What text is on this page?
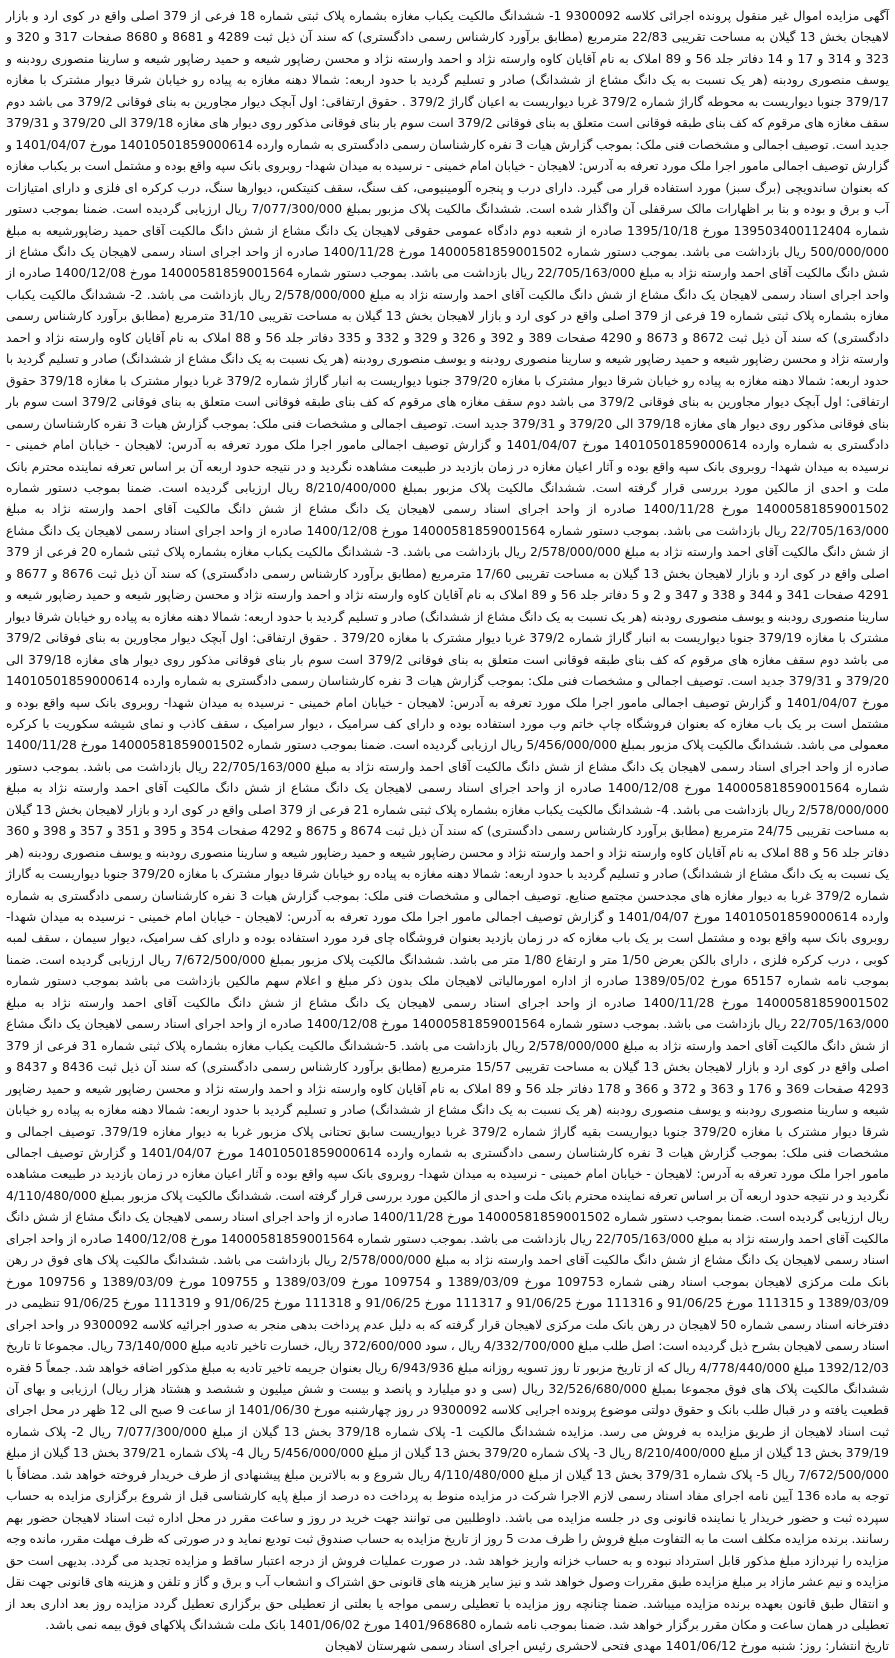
آگهی مزایده اموال غیر منقول پرونده اجرائی کلاسه 9300092 1- ششدانگ مالکیت یکباب مغازه بشماره پلاک ثبتی شماره 18 فرعی از 379 اصلی واقع در کوی ارد و بازار لاهیجان بخش 13 گیلان به مساحت تقریبی 22/83 مترمربع (مطابق برآورد کارشناس رسمی دادگستری) که سند آن ذیل ثبت 4289 و 8681 و 8680 صفحات 317 و 320 و 323 و 314 و 17 و 14 دفاتر جلد 56 و 89 املاک به نام آقایان کاوه وارسته نژاد و احمد وارسته نژاد و محسن رضاپور شیعه و حمید رضاپور شیعه و سارینا منصوری رودبنه و یوسف منصوری رودبنه (هر یک نسبت به یک دانگ مشاع از ششدانگ) صادر و تسلیم گردید با حدود اربعه: شمالا دهنه مغازه به پیاده رو خیابان شرقا دیوار مشترک با مغازه 379/17 جنوبا دیواریست به محوطه گاراژ شماره 379/2 غربا دیواریست به اعیان گاراژ 379/2 . حقوق ارتفاقی: اول آبچک دیوار مجاورین به بنای فوقانی 379/2 می باشد دوم سقف مغازه های مرقوم که کف بنای طبقه فوقانی است متعلق به بنای فوقانی 379/2 است سوم بار بنای فوقانی مذکور روی دیوار های مغازه 379/18 الی 379/20 و 379/31 جدید است. توصیف اجمالی و مشخصات فنی ملک: بموجب گزارش هیات 3 نفره کارشناسان رسمی دادگستری به شماره وارده 14010501859000614 مورخ 1401/04/07 و گزارش توصیف اجمالی مامور اجرا ملک مورد تعرفه به آدرس: لاهیجان - خیابان امام خمینی - نرسیده به میدان شهدا- روبروی بانک سپه واقع بوده و مشتمل است بر یکباب مغازه که بعنوان ساندویچی (برگ سبز) مورد استفاده قرار می گیرد. دارای درب و پنجره آلومینیومی، کف سنگ، سقف کنیتکس، دیوارها سنگ، درب کرکره ای فلزی و دارای امتیازات آب و برق و بوده و بنا بر اظهارات مالک سرقفلی آن واگذار شده است. ششدانگ مالکیت پلاک مزبور بمبلغ 7/077/300/000 ریال ارزیابی گردیده است. ضمنا بموجب دستور شماره 139503400112404 مورخ 1395/10/18 صادره از شعبه دوم دادگاه عمومی حقوقی لاهیجان یک دانگ مشاع از شش دانگ مالکیت آقای حمید رضاپورشیعه به مبلغ 500/000/000 ریال بازداشت می باشد. بموجب دستور شماره 14000581859001502 مورخ 1400/11/28 صادره از واحد اجرای اسناد رسمی لاهیجان یک دانگ مشاع از شش دانگ مالکیت آقای احمد وارسته نژاد به مبلغ 22/705/163/000 ریال بازداشت می باشد. بموجب دستور شماره 14000581859001564 مورخ 1400/12/08 صادره از واحد اجرای اسناد رسمی لاهیجان یک دانگ مشاع از شش دانگ مالکیت آقای احمد وارسته نژاد به مبلغ 2/578/000/000 ریال بازداشت می باشد. 2- ششدانگ مالکیت یکباب مغازه بشماره پلاک ثبتی شماره 19 فرعی از 379 اصلی واقع در کوی ارد و بازار لاهیجان بخش 13 گیلان به مساحت تقریبی 31/10 مترمربع (مطابق برآورد کارشناس رسمی دادگستری) که سند آن ذیل ثبت 8672 و 8673 و 4290 صفحات 389 و 392 و 326 و 329 و 332 و 335 دفاتر جلد 56 و 88 املاک به نام آقایان کاوه وارسته نژاد و احمد وارسته نژاد و محسن رضاپور شیعه و حمید رضاپور شیعه و سارینا منصوری رودبنه و یوسف منصوری رودبنه (هر یک نسبت به یک دانگ مشاع از ششدانگ) صادر و تسلیم گردید با حدود اربعه: شمالا دهنه مغازه به پیاده رو خیابان شرقا دیوار مشترک با مغازه 379/20 جنوبا دیواریست به انبار گاراژ شماره 379/2 غربا دیوار مشترک با مغازه 379/18 حقوق ارتفاقی: اول آبچک دیوار مجاورین به بنای فوقانی 379/2 می باشد دوم سقف مغازه های مرقوم که کف بنای طبقه فوقانی است متعلق به بنای فوقانی 379/2 است سوم بار بنای فوقانی مذکور روی دیوار های مغازه 379/18 الی 379/20 و 379/31 جدید است. توصیف اجمالی و مشخصات فنی ملک: بموجب گزارش هیات 3 نفره کارشناسان رسمی دادگستری به شماره وارده 14010501859000614 مورخ 1401/04/07 و گزارش توصیف اجمالی مامور اجرا ملک مورد تعرفه به آدرس: لاهیجان - خیابان امام خمینی - نرسیده به میدان شهدا- روبروی بانک سپه واقع بوده و آثار اعیان مغازه در زمان بازدید در طبیعت مشاهده نگردید و در نتیجه حدود اربعه آن بر اساس تعرفه نماینده محترم بانک ملت و احدی از مالکین مورد بررسی قرار گرفته است. ششدانگ مالکیت پلاک مزبور بمبلغ 8/210/400/000 ریال ارزیابی گردیده است. ضمنا بموجب دستور شماره 14000581859001502 مورخ 1400/11/28 صادره از واحد اجرای اسناد رسمی لاهیجان یک دانگ مشاع از شش دانگ مالکیت آقای احمد وارسته نژاد به مبلغ 22/705/163/000 ریال بازداشت می باشد. بموجب دستور شماره 14000581859001564 مورخ 1400/12/08 صادره از واحد اجرای اسناد رسمی لاهیجان یک دانگ مشاع از شش دانگ مالکیت آقای احمد وارسته نژاد به مبلغ 2/578/000/000 ریال بازداشت می باشد. 3- ششدانگ مالکیت یکباب مغازه بشماره پلاک ثبتی شماره 20 فرعی از 379 اصلی واقع در کوی ارد و بازار لاهیجان بخش 13 گیلان به مساحت تقریبی 17/60 مترمربع (مطابق برآورد کارشناس رسمی دادگستری) که سند آن ذیل ثبت 8676 و 8677 و 4291 صفحات 341 و 344 و 338 و 347 و 2 و 5 دفاتر جلد 56 و 89 املاک به نام آقایان کاوه وارسته نژاد و احمد وارسته نژاد و محسن رضاپور شیعه و حمید رضاپور شیعه و سارینا منصوری رودبنه و یوسف منصوری رودبنه (هر یک نسبت به یک دانگ مشاع از ششدانگ) صادر و تسلیم گردید با حدود اربعه: شمالا دهنه مغازه به پیاده رو خیابان شرقا دیوار مشترک با مغازه 379/19 جنوبا دیواریست به انبار گاراژ شماره 379/2 غربا دیوار مشترک با مغازه 379/20 . حقوق ارتفاقی: اول آبچک دیوار مجاورین به بنای فوقانی 379/2 می باشد دوم سقف مغازه های مرقوم که کف بنای طبقه فوقانی است متعلق به بنای فوقانی 379/2 است سوم بار بنای فوقانی مذکور روی دیوار های مغازه 379/18 الی 379/20 و 379/31 جدید است. توصیف اجمالی و مشخصات فنی ملک: بموجب گزارش هیات 3 نفره کارشناسان رسمی دادگستری به شماره وارده 14010501859000614 مورخ 1401/04/07 و گزارش توصیف اجمالی مامور اجرا ملک مورد تعرفه به آدرس: لاهیجان - خیابان امام خمینی - نرسیده به میدان شهدا- روبروی بانک سپه واقع بوده و مشتمل است بر یک باب مغازه که بعنوان فروشگاه چاپ خاتم وب مورد استفاده بوده و دارای کف سرامیک ، دیوار سرامیک ، سقف کاذب و نمای شیشه سکوریت با کرکره معمولی می باشد. ششدانگ مالکیت پلاک مزبور بمبلغ 5/456/000/000 ریال ارزیابی گردیده است. ضمنا بموجب دستور شماره 14000581859001502 مورخ 1400/11/28 صادره از واحد اجرای اسناد رسمی لاهیجان یک دانگ مشاع از شش دانگ مالکیت آقای احمد وارسته نژاد به مبلغ 22/705/163/000 ریال بازداشت می باشد. بموجب دستور شماره 14000581859001564 مورخ 1400/12/08 صادره از واحد اجرای اسناد رسمی لاهیجان یک دانگ مشاع از شش دانگ مالکیت آقای احمد وارسته نژاد به مبلغ 2/578/000/000 ریال بازداشت می باشد. 4- ششدانگ مالکیت یکباب مغازه بشماره پلاک ثبتی شماره 21 فرعی از 379 اصلی واقع در کوی ارد و بازار لاهیجان بخش 13 گیلان به مساحت تقریبی 24/75 مترمربع (مطابق برآورد کارشناس رسمی دادگستری) که سند آن ذیل ثبت 8674 و 8675 و 4292 صفحات 354 و 395 و 351 و 357 و 398 و 360 دفاتر جلد 56 و 88 املاک به نام آقایان کاوه وارسته نژاد و احمد وارسته نژاد و محسن رضاپور شیعه و حمید رضاپور شیعه و سارینا منصوری رودبنه و یوسف منصوری رودبنه (هر یک نسبت به یک دانگ مشاع از ششدانگ) صادر و تسلیم گردید با حدود اربعه: شمالا دهنه مغازه به پیاده رو خیابان شرقا دیوار مشترک با مغازه 379/20 جنوبا دیواریست به گاراژ شماره 379/2 غربا به دیوار مغازه های مجدحسن مجتمع صنایع. توصیف اجمالی و مشخصات فنی ملک: بموجب گزارش هیات 3 نفره کارشناسان رسمی دادگستری به شماره وارده 14010501859000614 مورخ 1401/04/07 و گزارش توصیف اجمالی مامور اجرا ملک مورد تعرفه به آدرس: لاهیجان - خیابان امام خمینی - نرسیده به میدان شهدا- روبروی بانک سپه واقع بوده و مشتمل است بر یک باب مغازه که در زمان بازدید بعنوان فروشگاه چای فرد مورد استفاده بوده و دارای کف سرامیک، دیوار سیمان ، سقف لمبه کوبی ، درب کرکره فلزی ، دارای بالکن بعرض 1/50 متر و ارتفاع 1/80 متر می باشد. ششدانگ مالکیت پلاک مزبور بمبلغ 7/672/500/000 ریال ارزیابی گردیده است. ضمنا بموجب نامه شماره 65157 مورخ 1389/05/02 صادره از اداره امورمالیاتی لاهیجان ملک بدون ذکر مبلغ و اعلام سهم مالکین بازداشت می باشد بموجب دستور شماره 14000581859001502 مورخ 1400/11/28 صادره از واحد اجرای اسناد رسمی لاهیجان یک دانگ مشاع از شش دانگ مالکیت آقای احمد وارسته نژاد به مبلغ 22/705/163/000 ریال بازداشت می باشد. بموجب دستور شماره 14000581859001564 مورخ 1400/12/08 صادره از واحد اجرای اسناد رسمی لاهیجان یک دانگ مشاع از شش دانگ مالکیت آقای احمد وارسته نژاد به مبلغ 2/578/000/000 ریال بازداشت می باشد. 5-ششدانگ مالکیت یکباب مغازه بشماره پلاک ثبتی شماره 31 فرعی از 379 اصلی واقع در کوی ارد و بازار لاهیجان بخش 13 گیلان به مساحت تقریبی 15/57 مترمربع (مطابق برآورد کارشناس رسمی دادگستری) که سند آن ذیل ثبت 8436 و 8437 و 4293 صفحات 369 و 176 و 363 و 372 و 366 و 178 دفاتر جلد 56 و 89 املاک به نام آقایان کاوه وارسته نژاد و احمد وارسته نژاد و محسن رضاپور شیعه و حمید رضاپور شیعه و سارینا منصوری رودبنه و یوسف منصوری رودبنه (هر یک نسبت به یک دانگ مشاع از ششدانگ) صادر و تسلیم گردید با حدود اربعه: شمالا دهنه مغازه به پیاده رو خیابان شرقا دیوار مشترک با مغازه 379/20 جنوبا دیواریست بقیه گاراژ شماره 379/2 غربا دیواریست سابق تحتانی پلاک مزبور غربا به دیوار مغازه 379/19. توصیف اجمالی و مشخصات فنی ملک: بموجب گزارش هیات 3 نفره کارشناسان رسمی دادگستری به شماره وارده 14010501859000614 مورخ 1401/04/07 و گزارش توصیف اجمالی مامور اجرا ملک مورد تعرفه به آدرس: لاهیجان - خیابان امام خمینی - نرسیده به میدان شهدا- روبروی بانک سپه واقع بوده و آثار اعیان مغازه در زمان بازدید در طبیعت مشاهده نگردید و در نتیجه حدود اربعه آن بر اساس تعرفه نماینده محترم بانک ملت و احدی از مالکین مورد بررسی قرار گرفته است. ششدانگ مالکیت پلاک مزبور بمبلغ 4/110/480/000 ریال ارزیابی گردیده است. ضمنا بموجب دستور شماره 14000581859001502 مورخ 1400/11/28 صادره از واحد اجرای اسناد رسمی لاهیجان یک دانگ مشاع از شش دانگ مالکیت آقای احمد وارسته نژاد به مبلغ 22/705/163/000 ریال بازداشت می باشد. بموجب دستور شماره 14000581859001564 مورخ 1400/12/08 صادره از واحد اجرای اسناد رسمی لاهیجان یک دانگ مشاع از شش دانگ مالکیت آقای احمد وارسته نژاد به مبلغ 2/578/000/000 ریال بازداشت می باشد. ششدانگ مالکیت پلاک های فوق در رهن بانک ملت مرکزی لاهیجان بموجب اسناد رهنی شماره 109753 مورخ 1389/03/09 و 109754 مورخ 1389/03/09 و 109755 مورخ 1389/03/09 و 109756 مورخ 1389/03/09 و 111315 مورخ 91/06/25 و 111316 مورخ 91/06/25 و 111317 مورخ 91/06/25 و 111318 مورخ 91/06/25 و 111319 مورخ 91/06/25 تنظیمی در دفترخانه اسناد رسمی شماره 50 لاهیجان در رهن بانک ملت مرکزی لاهیجان قرار گرفته که به دلیل عدم پرداخت بدهی منجر به صدور اجرائیه کلاسه 9300092 در واحد اجرای اسناد رسمی لاهیجان بشرح ذیل گردیده است: اصل طلب مبلغ 4/332/700/000 ریال ، سود 372/600/000 ریال، خسارت تاخیر تادیه مبلغ 73/140/000 ریال. مجموعا تا تاریخ 1392/12/03 مبلغ 4/778/440/000 ریال که از تاریخ مزبور تا روز تسویه روزانه مبلغ 6/943/936 ریال بعنوان جریمه تاخیر تادیه به مبلغ مذکور اضافه خواهد شد. جمعاً 5 فقره ششدانگ مالکیت پلاک های فوق مجموعا بمبلغ 32/526/680/000 ریال (سی و دو میلیارد و پانصد و بیست و شش میلیون و ششصد و هشتاد هزار ریال) ارزیابی و بهای آن قطعیت یافته و در قبال طلب بانک و حقوق دولتی موضوع پرونده اجرایی کلاسه 9300092 در روز چهارشنبه مورخ 1401/06/30 از ساعت 9 صبح الی 12 ظهر در محل اجرای ثبت اسناد لاهیجان از طریق مزایده به فروش می رسد. مزایده ششدانگ مالکیت 1- پلاک شماره 379/18 بخش 13 گیلان از مبلغ 7/077/300/000 ریال 2- پلاک شماره 379/19 بخش 13 گیلان از مبلغ 8/210/400/000 ریال 3- پلاک شماره 379/20 بخش 13 گیلان از مبلغ 5/456/000/000 ریال 4- پلاک شماره 379/21 بخش 13 گیلان از مبلغ 7/672/500/000 ریال 5- پلاک شماره 379/31 بخش 13 گیلان از مبلغ 4/110/480/000 ریال شروع و به بالاترین مبلغ پیشنهادی از طرف خریدار فروخته خواهد شد. مضافاً با توجه به ماده 136 آیین نامه اجرای مفاد اسناد رسمی لازم الاجرا شرکت در مزایده منوط به پرداخت ده درصد از مبلغ پایه کارشناسی قبل از شروع برگزاری مزایده به حساب سپرده ثبت و حضور خریدار یا نماینده قانونی وی در جلسه مزایده می باشد. داوطلبین می توانند جهت خرید در روز و ساعت مقرر در محل اداره ثبت اسناد لاهیجان حضور بهم رسانند. برنده مزایده مکلف است ما به التفاوت مبلغ فروش را ظرف مدت 5 روز از تاریخ مزایده به حساب صندوق ثبت تودیع نماید و در صورتی که ظرف مهلت مقرر، مانده وجه مزایده را نپردازد مبلغ مذکور قابل استرداد نبوده و به حساب خزانه واریز خواهد شد. در صورت عملیات فروش از درجه اعتبار ساقط و مزایده تجدید می گردد. بدیهی است حق مزایده و نیم عشر مازاد بر مبلغ مزایده طبق مقررات وصول خواهد شد و نیز سایر هزینه های قانونی حق اشتراک و انشعاب آب و برق و گاز و تلفن و هزینه های قانونی جهت نقل و انتقال طبق قانون بعهده برنده مزایده میباشد. ضمنا چنانچه روز مزایده با تعطیلی رسمی مواجه یا بعلتی از تعطیلی حق برگزاری تعطیل گردد مزایده روز بعد اداری بعد از تعطیلی در همان ساعت و مکان مقرر برگزار خواهد شد. ضمنا بموجب نامه شماره 1401/968680 مورخ 1401/06/02 بانک ملت ششدانگ پلاکهای فوق بیمه نمی باشد.

تاریخ انتشار: روز: شنبه مورخ 1401/06/12 مهدی فتحی لاحشری رئیس اجرای اسناد رسمی شهرستان لاهیجان
